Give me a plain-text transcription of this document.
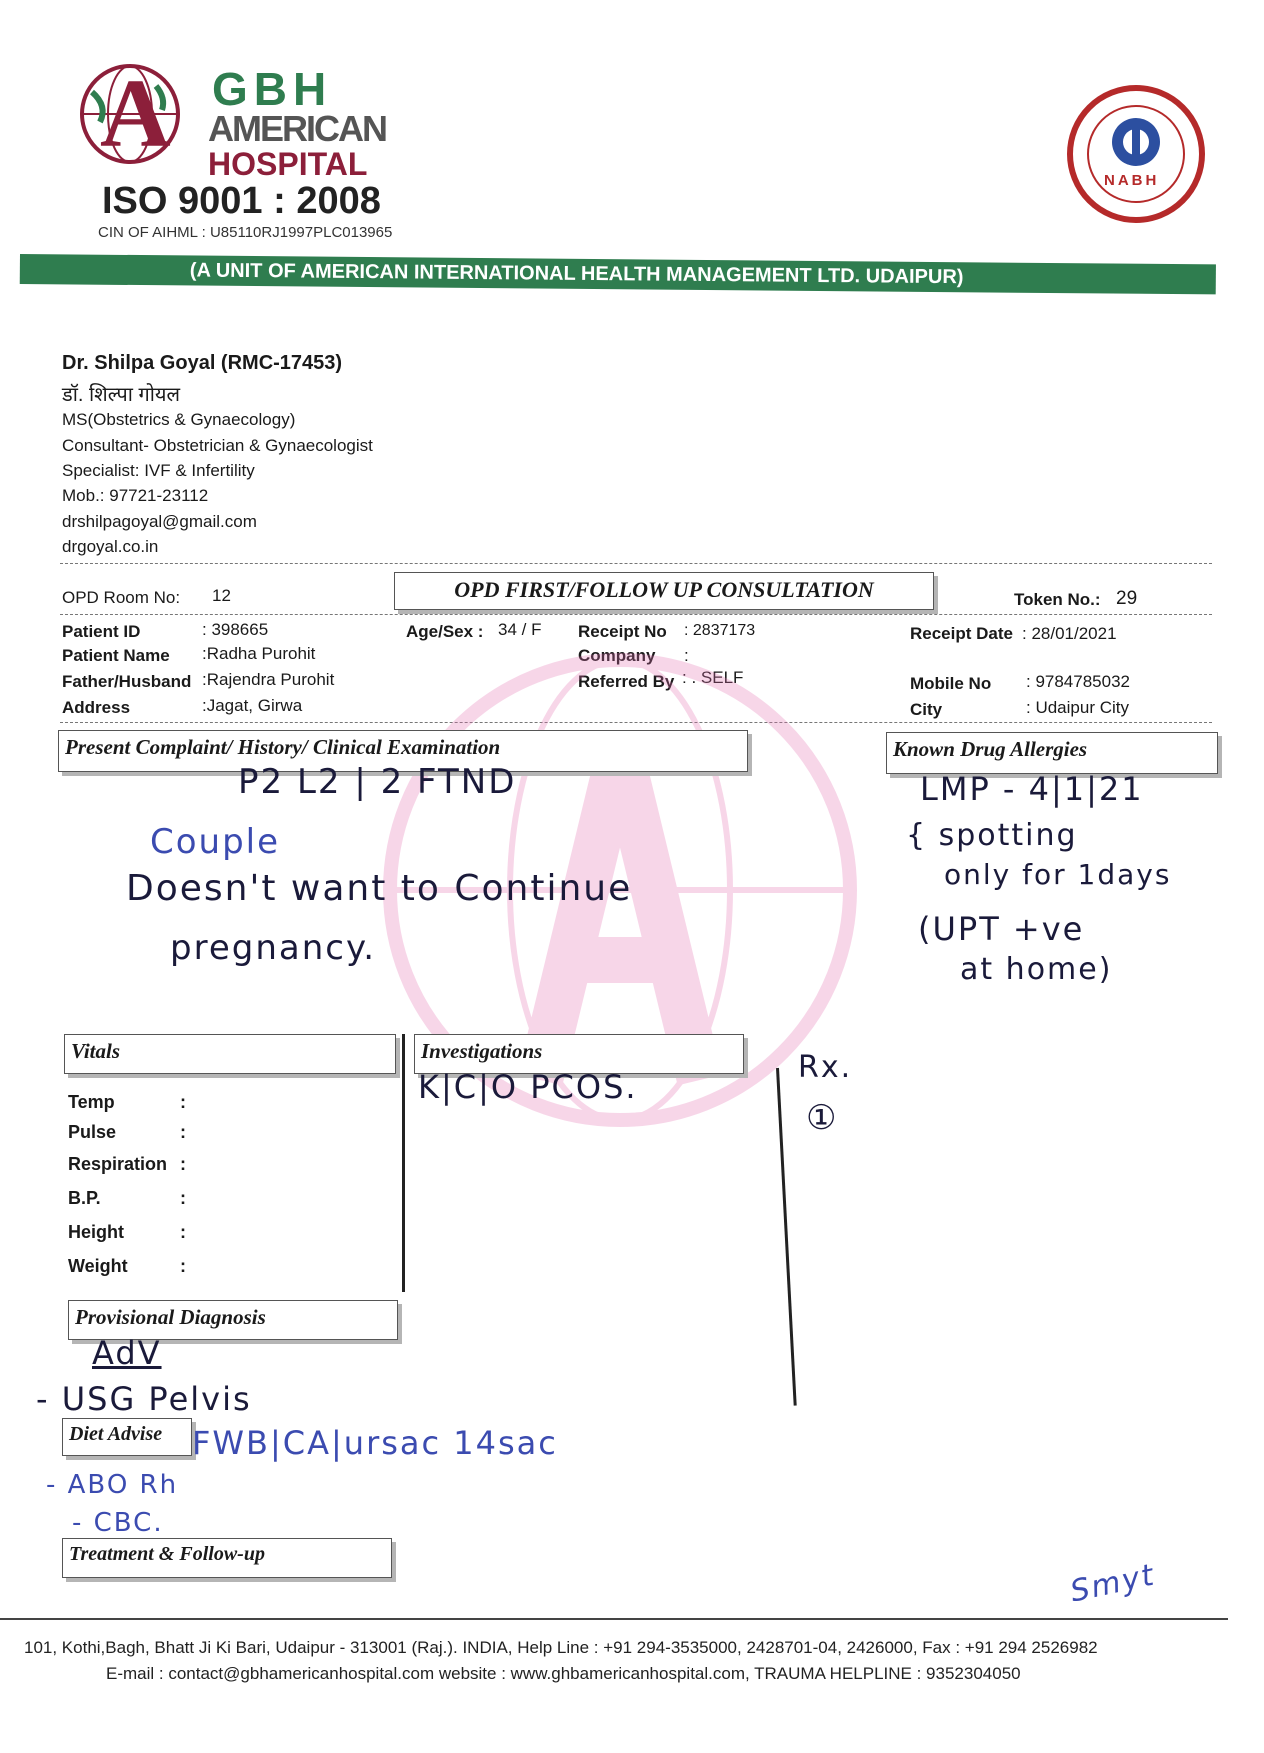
A GBH
AMERICAN
HOSPITAL
ISO 9001 : 2008
CIN OF AIHML : U85110RJ1997PLC013965
NABH
(A UNIT OF AMERICAN INTERNATIONAL HEALTH MANAGEMENT LTD. UDAIPUR)
Dr. Shilpa Goyal (RMC-17453)
डॉ. शिल्पा गोयल
MS(Obstetrics & Gynaecology)
Consultant- Obstetrician & Gynaecologist
Specialist: IVF & Infertility
Mob.: 97721-23112
drshilpagoyal@gmail.com
drgoyal.co.in
OPD Room No: 12	OPD FIRST/FOLLOW UP CONSULTATION	Token No.: 29
Patient ID	: 398665
Patient Name :Radha Purohit
Father/Husband :Rajendra Purohit
Address	:Jagat, Girwa
Age/Sex : 34 / F Receipt No : 2837173
Company :
Referred By : . SELF
Receipt Date : 28/01/2021
Mobile No : 9784785032
City	: Udaipur City
Present Complaint/ History/ Clinical Examination	Known Drug Allergies
P2 L2 | 2 FTND
Couple
Doesn't want to Continue
pregnancy.
LMP - 4|1|21
{ spotting
only for 1days
(UPT +ve
at home)
Vitals
Temp	:
Pulse	:
Respiration :
B.P.	:
Height	:
Weight	:
Investigations
K|C|O PCOS.
Rx.
①
Provisional Diagnosis
AdV
- USG Pelvis
Diet Advise FWB|CA|ursac 14sac
- ABO Rh
- CBC.
Treatment & Follow-up
Smyt
101, Kothi,Bagh, Bhatt Ji Ki Bari, Udaipur - 313001 (Raj.). INDIA, Help Line : +91 294-3535000, 2428701-04, 2426000, Fax : +91 294 2526982
E-mail : contact@gbhamericanhospital.com website : www.ghbamericanhospital.com, TRAUMA HELPLINE : 9352304050
